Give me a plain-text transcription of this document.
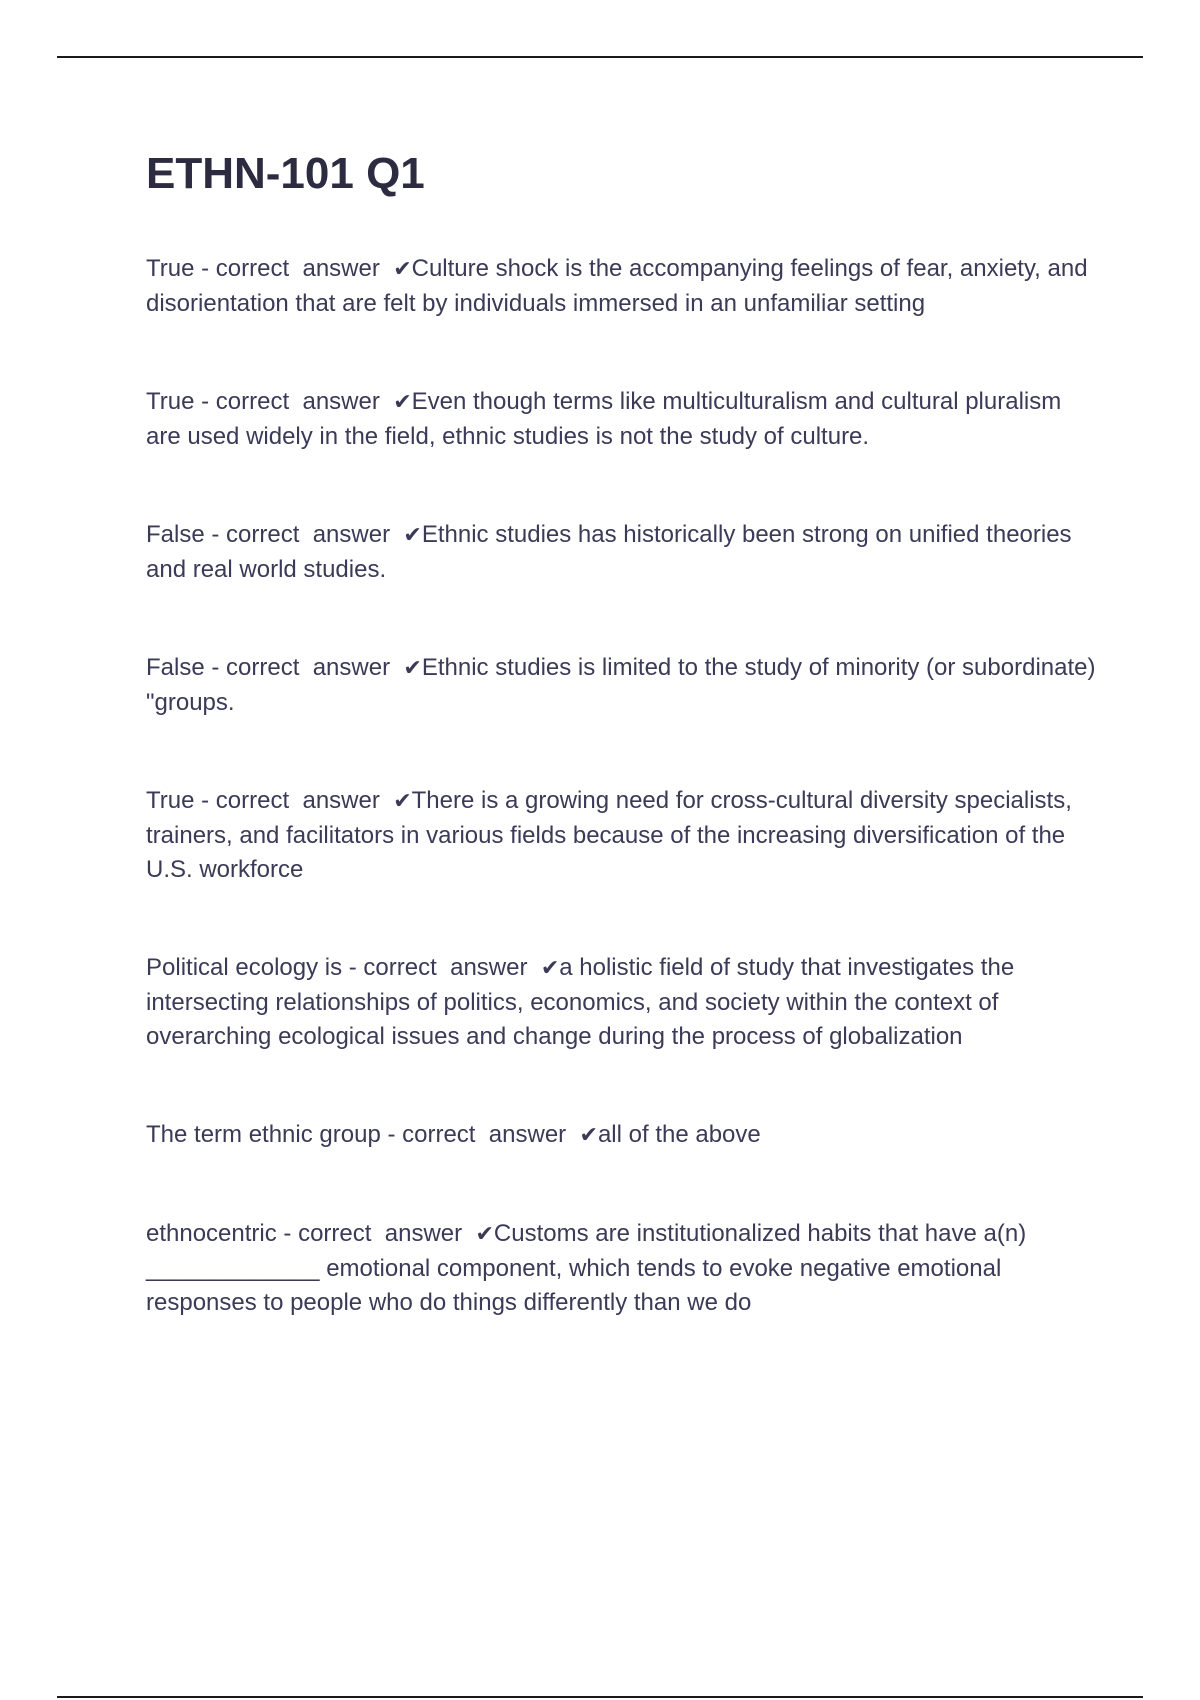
ETHN-101 Q1
True - correct  answer  ✔Culture shock is the accompanying feelings of fear, anxiety, and disorientation that are felt by individuals immersed in an unfamiliar setting
True - correct  answer  ✔Even though terms like multiculturalism and cultural pluralism are used widely in the field, ethnic studies is not the study of culture.
False - correct  answer  ✔Ethnic studies has historically been strong on unified theories and real world studies.
False - correct  answer  ✔Ethnic studies is limited to the study of minority (or subordinate) "groups.
True - correct  answer  ✔There is a growing need for cross-cultural diversity specialists, trainers, and facilitators in various fields because of the increasing diversification of the U.S. workforce
Political ecology is - correct  answer  ✔a holistic field of study that investigates the intersecting relationships of politics, economics, and society within the context of overarching ecological issues and change during the process of globalization
The term ethnic group - correct  answer  ✔all of the above
ethnocentric - correct  answer  ✔Customs are institutionalized habits that have a(n) _____________ emotional component, which tends to evoke negative emotional responses to people who do things differently than we do
